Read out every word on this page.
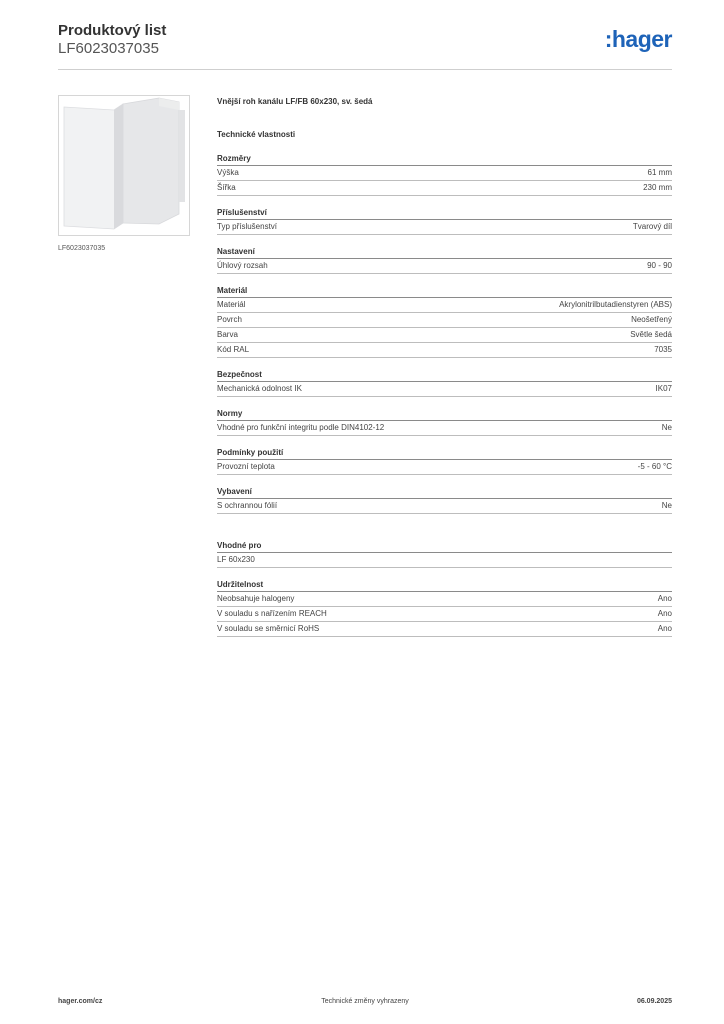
Produktový list
LF6023037035	:hager
LF6023037035
Vnější roh kanálu LF/FB 60x230, sv. šedá
Technické vlastnosti
Rozměry
Výška	61 mm
Šířka	230 mm
Příslušenství
Typ příslušenství	Tvarový díl
Nastavení
Úhlový rozsah	90 - 90
Materiál
Materiál	Akrylonitrilbutadienstyren (ABS)
Povrch	Neošetřený
Barva	Světle šedá
Kód RAL	7035
Bezpečnost
Mechanická odolnost IK	IK07
Normy
Vhodné pro funkční integritu podle DIN4102-12	Ne
Podmínky použití
Provozní teplota	-5 - 60 °C
Vybavení
S ochrannou fólií	Ne
Vhodné pro
LF 60x230
Udržitelnost
Neobsahuje halogeny	Ano
V souladu s nařízením REACH	Ano
V souladu se směrnicí RoHS	Ano
hager.com/cz	Technické změny vyhrazeny	06.09.2025
